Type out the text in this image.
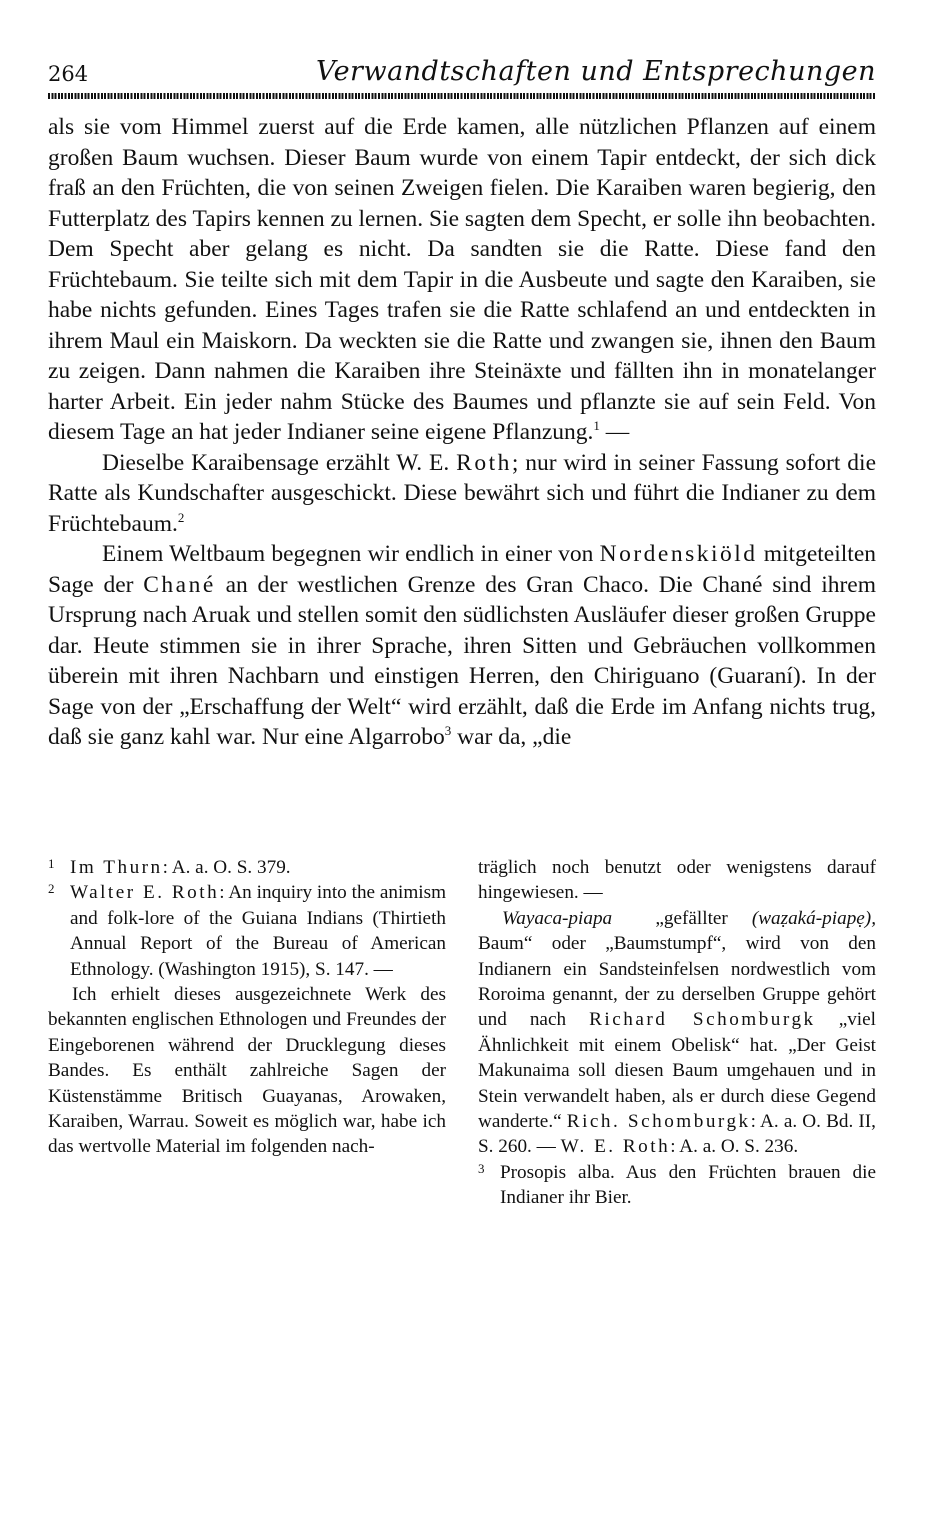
264	Verwandtschaften und Entsprechungen

als sie vom Himmel zuerst auf die Erde kamen, alle nützlichen Pflanzen auf einem großen Baum wuchsen. Dieser Baum wurde von einem Tapir entdeckt, der sich dick fraß an den Früchten, die von seinen Zweigen fielen. Die Karaiben waren begierig, den Futterplatz des Tapirs kennen zu lernen. Sie sagten dem Specht, er solle ihn beobachten. Dem Specht aber gelang es nicht. Da sandten sie die Ratte. Diese fand den Früchtebaum. Sie teilte sich mit dem Tapir in die Ausbeute und sagte den Karaiben, sie habe nichts gefunden. Eines Tages trafen sie die Ratte schlafend an und entdeckten in ihrem Maul ein Maiskorn. Da weckten sie die Ratte und zwangen sie, ihnen den Baum zu zeigen. Dann nahmen die Karaiben ihre Steinäxte und fällten ihn in monatelanger harter Arbeit. Ein jeder nahm Stücke des Baumes und pflanzte sie auf sein Feld. Von diesem Tage an hat jeder Indianer seine eigene Pflanzung.$^1$ —

Dieselbe Karaibensage erzählt W. E. Roth; nur wird in seiner Fassung sofort die Ratte als Kundschafter ausgeschickt. Diese bewährt sich und führt die Indianer zu dem Früchtebaum.$^2$

Einem Weltbaum begegnen wir endlich in einer von Nordenskiöld mitgeteilten Sage der Chané an der westlichen Grenze des Gran Chaco. Die Chané sind ihrem Ursprung nach Aruak und stellen somit den südlichsten Ausläufer dieser großen Gruppe dar. Heute stimmen sie in ihrer Sprache, ihren Sitten und Gebräuchen vollkommen überein mit ihren Nachbarn und einstigen Herren, den Chiriguano (Guaraní). In der Sage von der „Erschaffung der Welt“ wird erzählt, daß die Erde im Anfang nichts trug, daß sie ganz kahl war. Nur eine Algarrobo$^3$ war da, „die

1 Im Thurn: A. a. O. S. 379.

2 Walter E. Roth: An inquiry into the animism and folk-lore of the Guiana Indians (Thirtieth Annual Report of the Bureau of American Ethnology. (Washington 1915), S. 147. —

Ich erhielt dieses ausgezeichnete Werk des bekannten englischen Ethnologen und Freundes der Eingeborenen während der Drucklegung dieses Bandes. Es enthält zahlreiche Sagen der Küstenstämme Britisch Guayanas, Arowaken, Karaiben, Warrau. Soweit es möglich war, habe ich das wertvolle Material im folgenden nach-

träglich noch benutzt oder wenigstens darauf hingewiesen. —

Wayaca-piapa	(waẓaká-piapẹ),
„gefällter Baum“ oder „Baumstumpf“, wird von den Indianern ein Sandsteinfelsen nordwestlich vom Roroima genannt, der zu derselben Gruppe gehört und nach Richard Schomburgk „viel Ähnlichkeit mit einem Obelisk“ hat. „Der Geist Makunaima soll diesen Baum umgehauen und in Stein verwandelt haben, als er durch diese Gegend wanderte.“ Rich. Schomburgk: A. a. O. Bd. II, S. 260. — W. E. Roth: A. a. O. S. 236.

3 Prosopis alba. Aus den Früchten brauen die Indianer ihr Bier.
